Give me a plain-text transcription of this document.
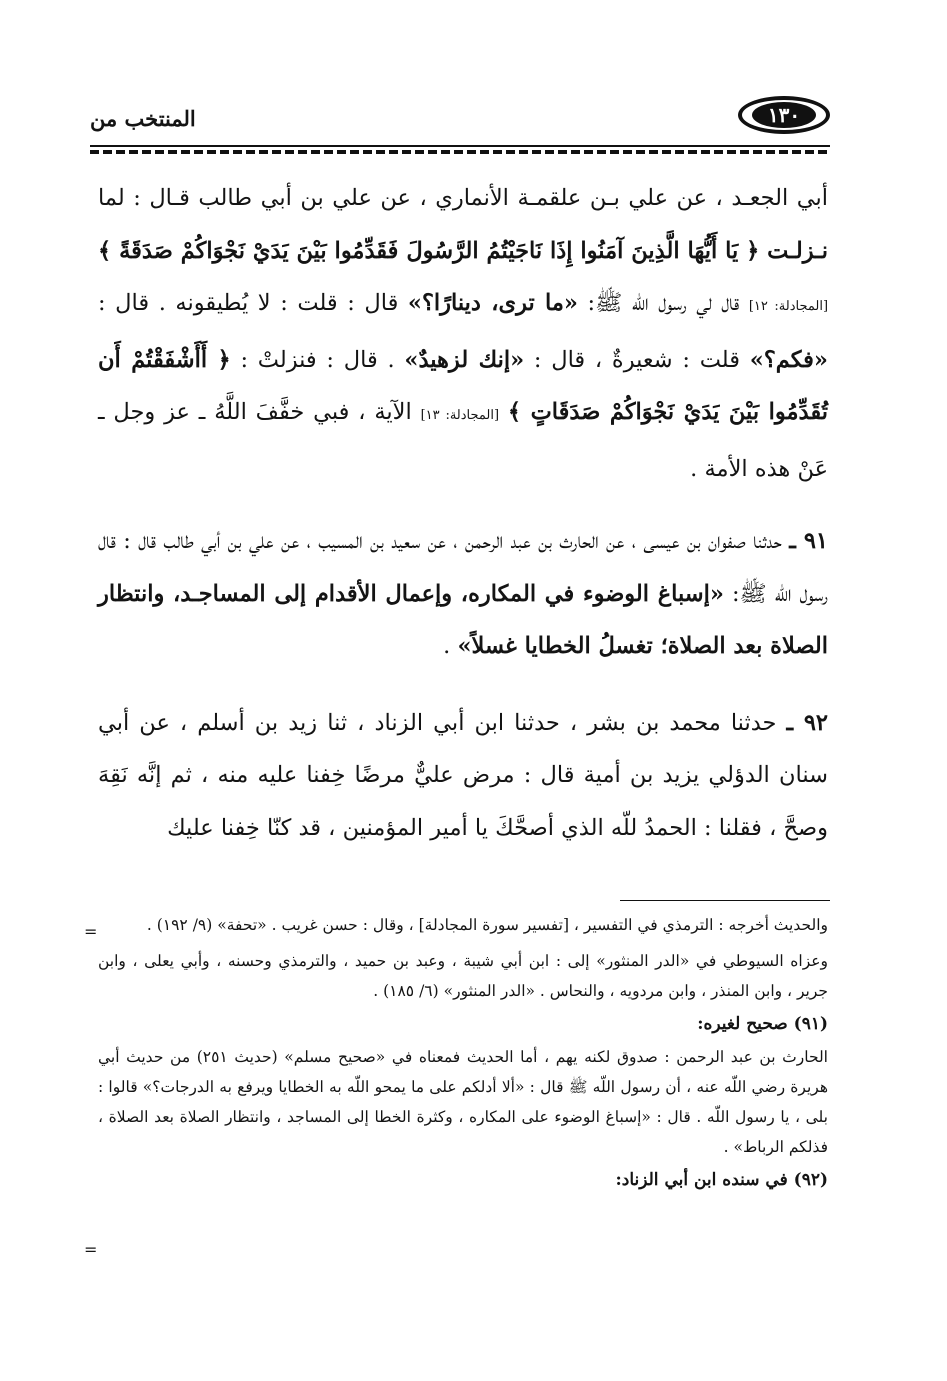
١٣٠
المنتخب من

أبي الجعـد ، عن علي بـن علقمـة الأنماري ، عن علي بن أبي طالب قـال : لما نـزلـت ﴿ يَا أَيُّهَا الَّذِينَ آمَنُوا إِذَا نَاجَيْتُمُ الرَّسُولَ فَقَدِّمُوا بَيْنَ يَدَيْ نَجْوَاكُمْ صَدَقَةً ﴾ [المجادلة: ١٢] قال لي رسول اللّه ﷺ: «ما ترى، دينارًا؟» قال : قلت : لا يُطيقونه . قال : «فكم؟» قلت : شعيرةٌ ، قال : «إنك لزهيدٌ» . قال : فنزلتْ : ﴿ أَأَشْفَقْتُمْ أَن تُقَدِّمُوا بَيْنَ يَدَيْ نَجْوَاكُمْ صَدَقَاتٍ ﴾ [المجادلة: ١٣] الآية ، فبي خفَّفَ اللَّهُ ـ عز وجل ـ عَنْ هذه الأمة .

٩١ ـ حدثنا صفوان بن عيسى ، عن الحارث بن عبد الرحمن ، عن سعيد بن المسيب ، عن علي بن أبي طالب قال : قال رسول اللّه ﷺ: «إسباغ الوضوء في المكاره، وإعمال الأقدام إلى المساجـد، وانتظار الصلاة بعد الصلاة؛ تغسلُ الخطايا غسلاً» .

٩٢ ـ حدثنا محمد بن بشر ، حدثنا ابن أبي الزناد ، ثنا زيد بن أسلم ، عن أبي سنان الدؤلي يزيد بن أمية قال : مرض عليٌّ مرضًا خِفنا عليه منه ، ثم إنَّه نَقِهَ وصحَّ ، فقلنا : الحمدُ للّه الذي أصحَّكَ يا أمير المؤمنين ، قد كنّا خِفنا عليك

=	والحديث أخرجه : الترمذي في التفسير ، [تفسير سورة المجادلة] ، وقال : حسن غريب . «تحفة» (٩/ ١٩٢) .

وعزاه السيوطي في «الدر المنثور» إلى : ابن أبي شيبة ، وعبد بن حميد ، والترمذي وحسنه ، وأبي يعلى ، وابن جرير ، وابن المنذر ، وابن مردويه ، والنحاس . «الدر المنثور» (٦/ ١٨٥) .

(٩١) صحيح لغيره:

الحارث بن عبد الرحمن : صدوق لكنه يهم ، أما الحديث فمعناه في «صحيح مسلم» (حديث ٢٥١) من حديث أبي هريرة رضي اللّه عنه ، أن رسول اللّه ﷺ قال : «ألا أدلكم على ما يمحو اللّه به الخطايا ويرفع به الدرجات؟» قالوا : بلى ، يا رسول اللّه . قال : «إسباغ الوضوء على المكاره ، وكثرة الخطا إلى المساجد ، وانتظار الصلاة بعد الصلاة ، فذلكم الرباط» .

(٩٢) في سنده ابن أبي الزناد:

=
